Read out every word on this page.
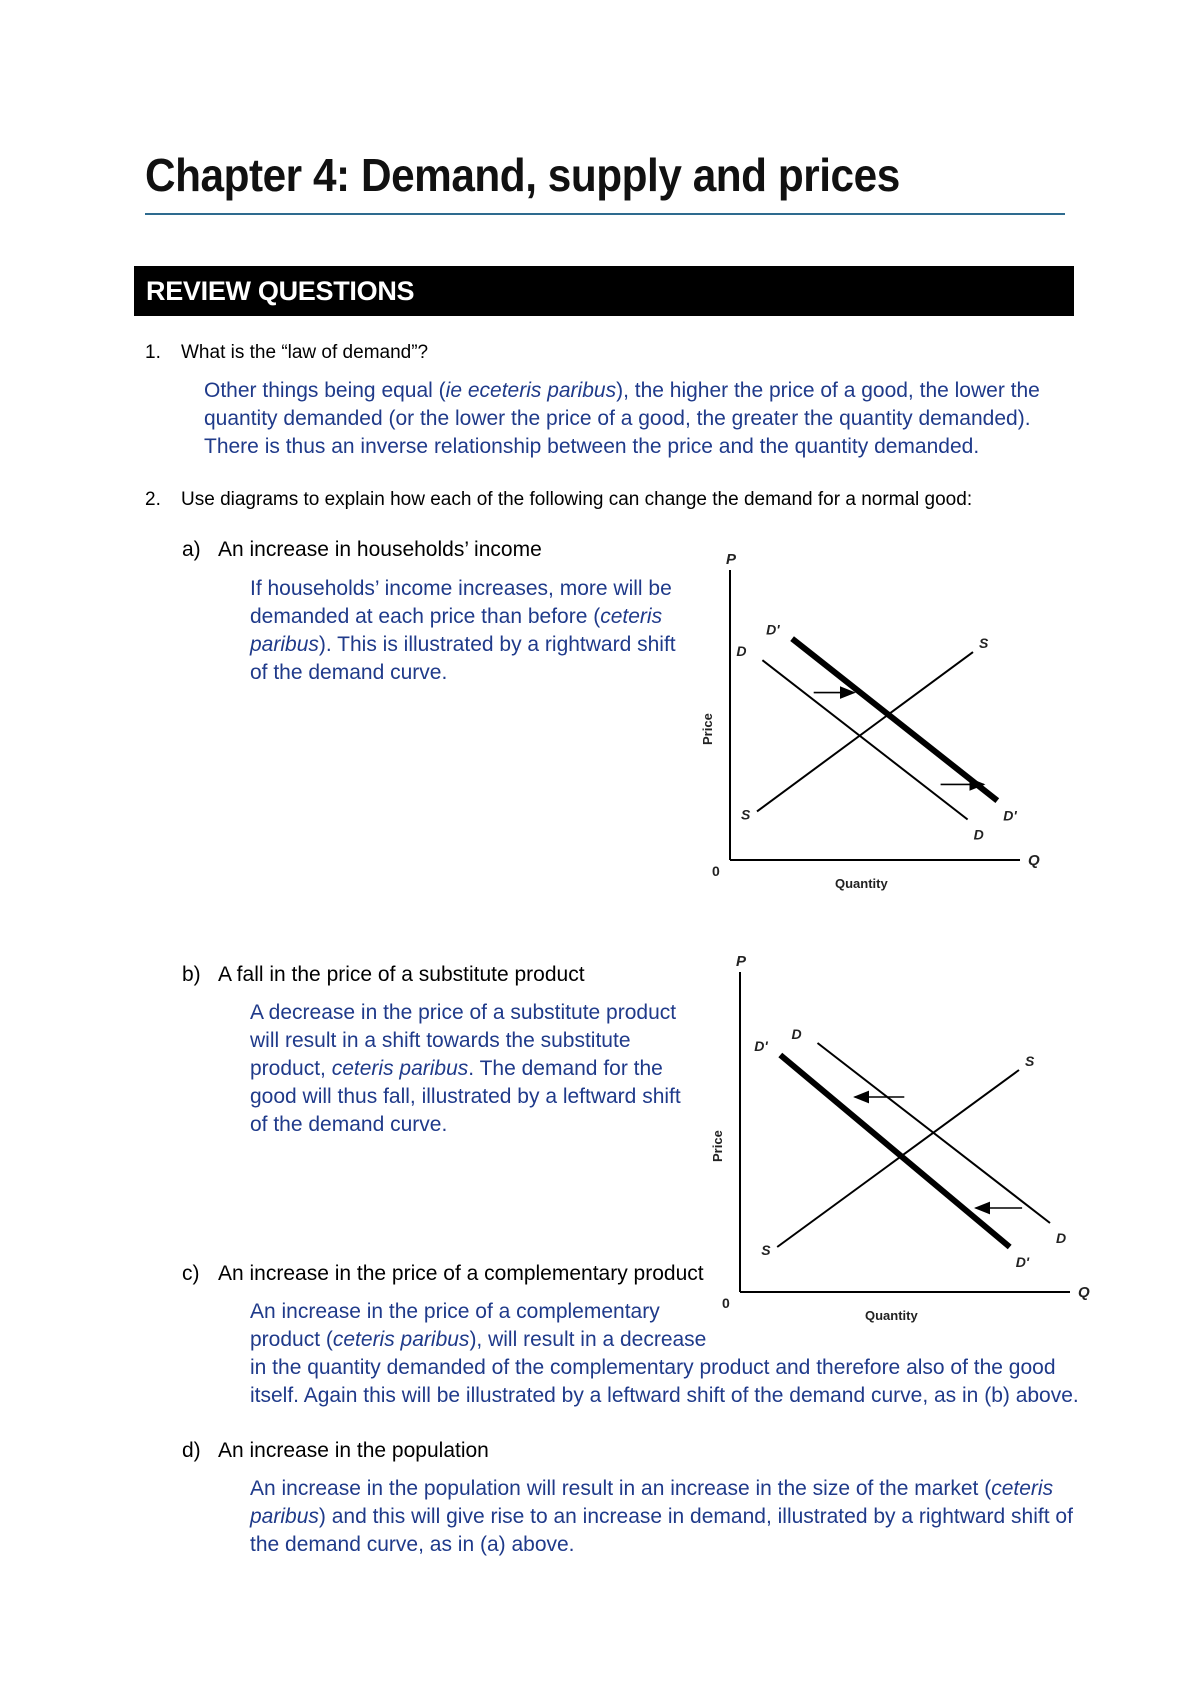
Chapter 4: Demand, supply and prices
REVIEW QUESTIONS
1. What is the “law of demand”?

Other things being equal (ie eceteris paribus), the higher the price of a good, the lower the quantity demanded (or the lower the price of a good, the greater the quantity demanded). There is thus an inverse relationship between the price and the quantity demanded.

2. Use diagrams to explain how each of the following can change the demand for a normal good:
a) An increase in households’ income

If households’ income increases, more will be demanded at each price than before (ceteris paribus). This is illustrated by a rightward shift of the demand curve.

P
Q
0
Quantity
Price
S
S
D
D
D'
D'
b) A fall in the price of a substitute product

A decrease in the price of a substitute product will result in a shift towards the substitute product, ceteris paribus. The demand for the good will thus fall, illustrated by a leftward shift of the demand curve.

P
Q
0
Quantity
Price
S
S
D
D
D'
D'
c) An increase in the price of a complementary product

An increase in the price of a complementary

product (ceteris paribus), will result in a decrease

in the quantity demanded of the complementary product and therefore also of the good itself. Again this will be illustrated by a leftward shift of the demand curve, as in (b) above.

d) An increase in the population

An increase in the population will result in an increase in the size of the market (ceteris paribus) and this will give rise to an increase in demand, illustrated by a rightward shift of the demand curve, as in (a) above.
